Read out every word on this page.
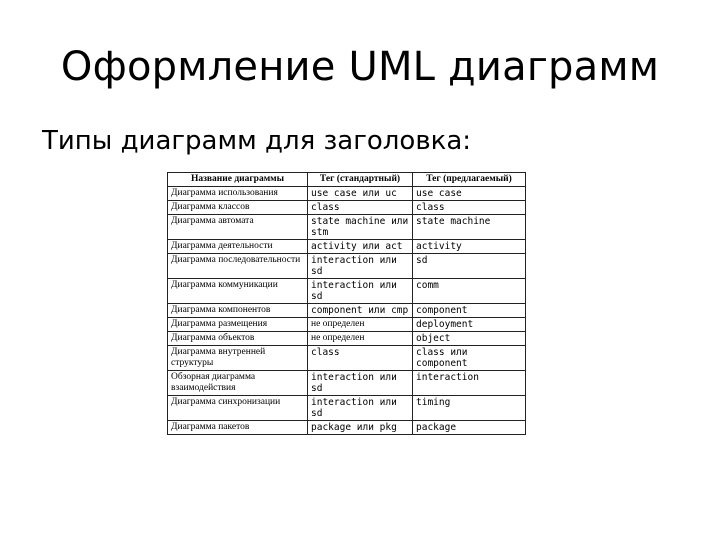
Оформление UML диаграмм
Типы диаграмм для заголовка:
Название диаграммы	Тег (стандартный)	Тег (предлагаемый)
Диаграмма использования	use case или uc	use case
Диаграмма классов	class	class
Диаграмма автомата	state machine или stm	state machine
Диаграмма деятельности	activity или act	activity
Диаграмма последовательности	interaction или sd	sd
Диаграмма коммуникации	interaction или sd	comm
Диаграмма компонентов	component или cmp	component
Диаграмма размещения	не определен	deployment
Диаграмма объектов	не определен	object
Диаграмма внутренней структуры	class	class или component
Обзорная диаграмма взаимодействия	interaction или sd	interaction
Диаграмма синхронизации	interaction или sd	timing
Диаграмма пакетов	package или pkg	package
